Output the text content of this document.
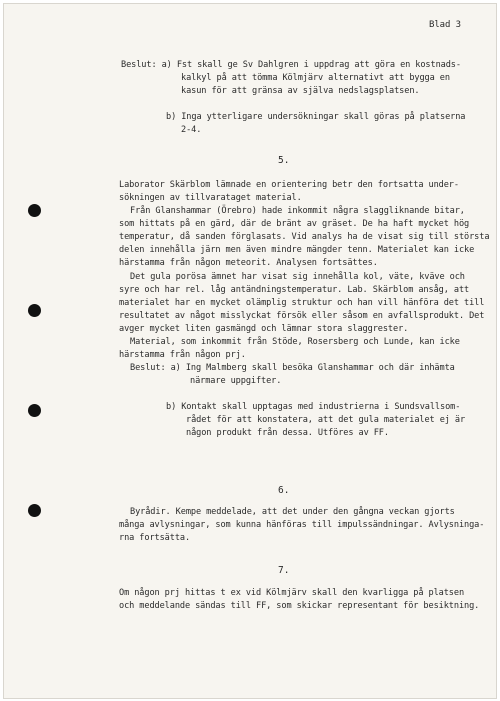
Blad 3
Beslut: a) Fst skall ge Sv Dahlgren i uppdrag att göra en kostnads-
kalkyl på att tömma Kölmjärv alternativt att bygga en
kasun för att gränsa av själva nedslagsplatsen.
b) Inga ytterligare undersökningar skall göras på platserna
2-4.
5.
Laborator Skärblom lämnade en orientering betr den fortsatta under-
sökningen av tillvarataget material.
Från Glanshammar (Örebro) hade inkommit några slaggliknande bitar,
som hittats på en gärd, där de bränt av gräset. De ha haft mycket hög
temperatur, då sanden förglasats. Vid analys ha de visat sig till största
delen innehålla järn men även mindre mängder tenn. Materialet kan icke
härstamma från någon meteorit. Analysen fortsättes.
Det gula porösa ämnet har visat sig innehålla kol, väte, kväve och
syre och har rel. låg antändningstemperatur. Lab. Skärblom ansåg, att
materialet har en mycket olämplig struktur och han vill hänföra det till
resultatet av något misslyckat försök eller såsom en avfallsprodukt. Det
avger mycket liten gasmängd och lämnar stora slaggrester.
Material, som inkommit från Stöde, Rosersberg och Lunde, kan icke
härstamma från någon prj.
Beslut: a) Ing Malmberg skall besöka Glanshammar och där inhämta
närmare uppgifter.
b) Kontakt skall upptagas med industrierna i Sundsvallsom-
rådet för att konstatera, att det gula materialet ej är
någon produkt från dessa. Utföres av FF.
6.
Byrådir. Kempe meddelade, att det under den gångna veckan gjorts
många avlysningar, som kunna hänföras till impulssändningar. Avlysninga-
rna fortsätta.
7.
Om någon prj hittas t ex vid Kölmjärv skall den kvarligga på platsen
och meddelande sändas till FF, som skickar representant för besiktning.
